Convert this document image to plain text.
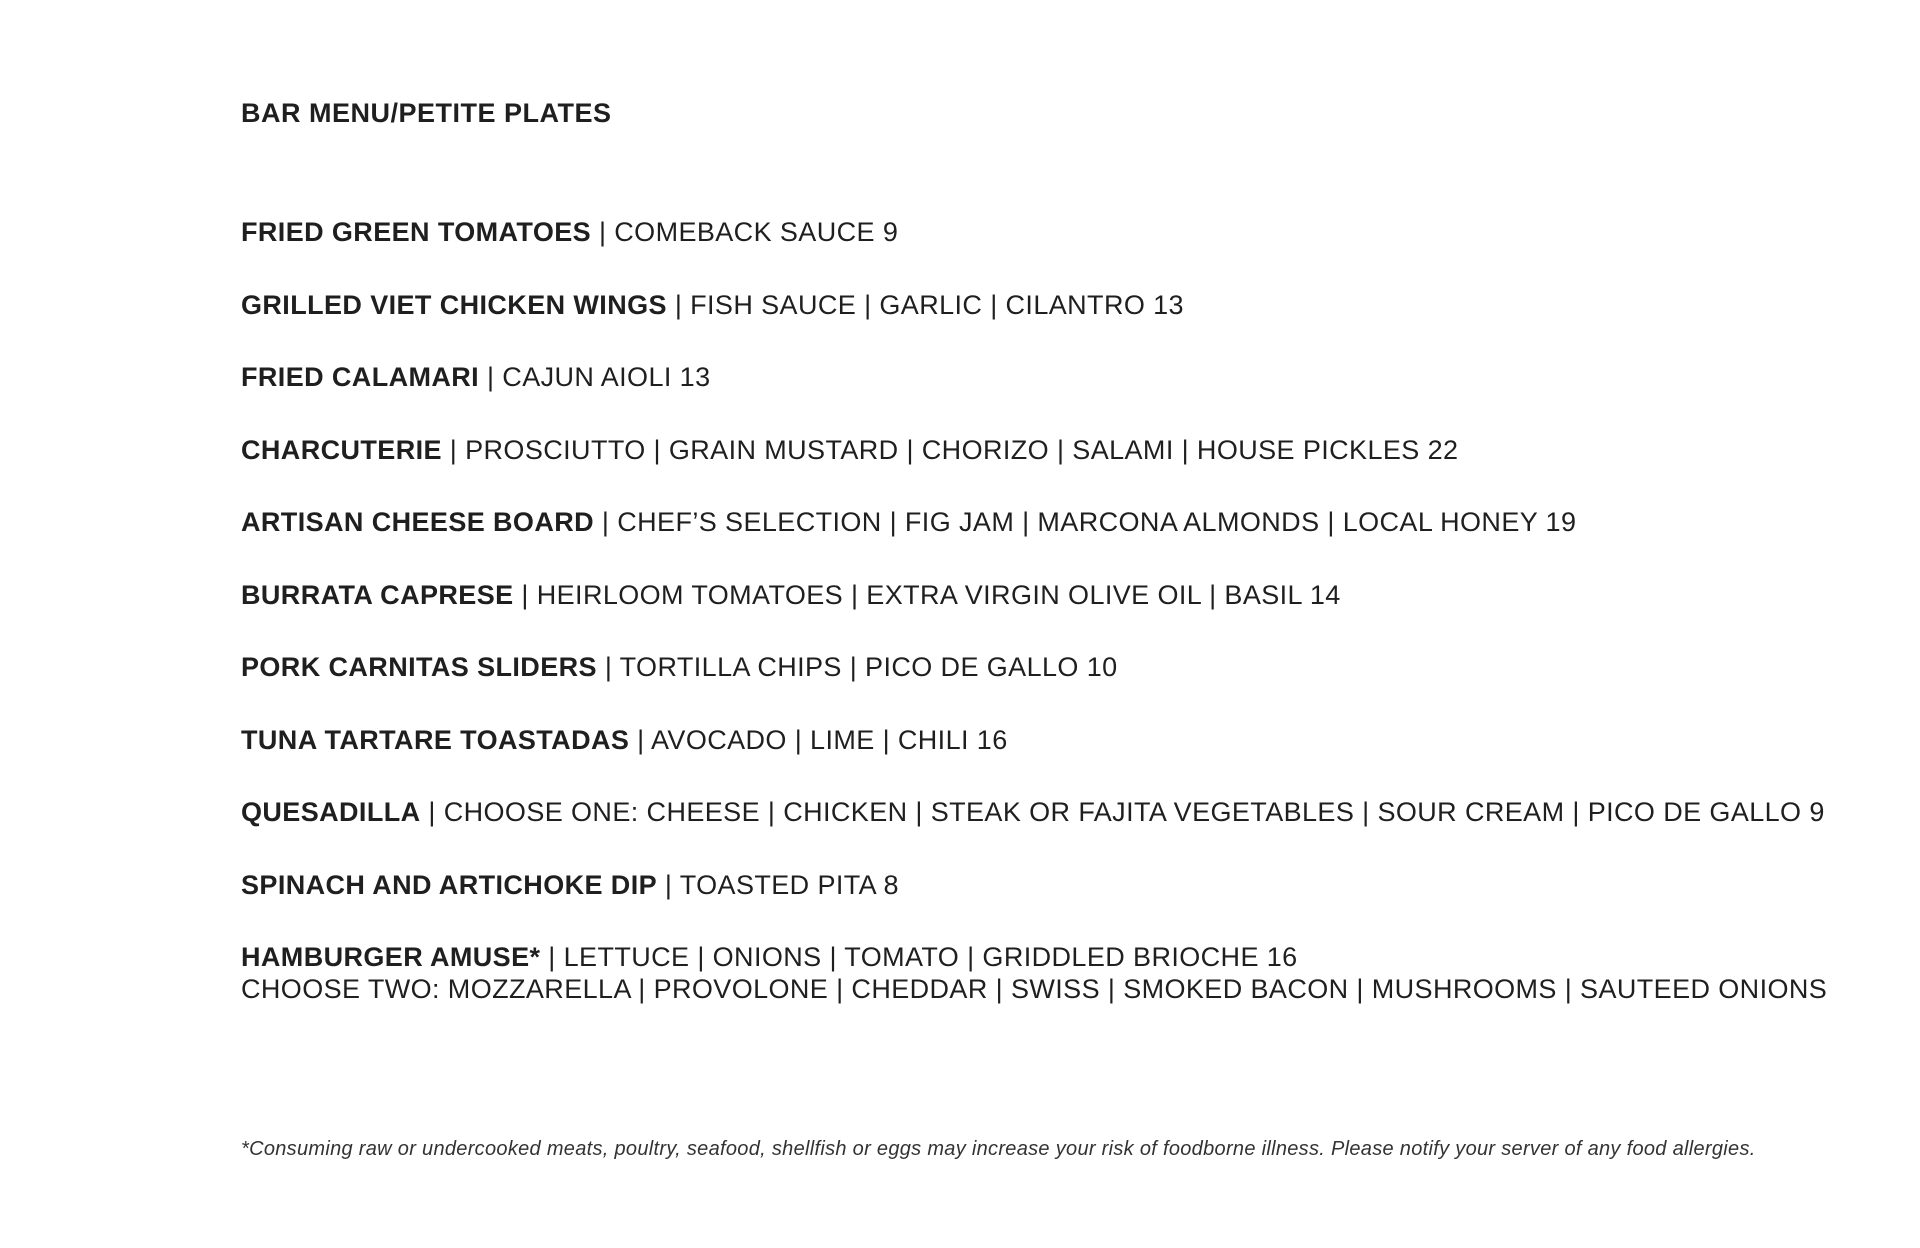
BAR MENU/PETITE PLATES
FRIED GREEN TOMATOES | COMEBACK SAUCE 9
GRILLED VIET CHICKEN WINGS | FISH SAUCE | GARLIC | CILANTRO 13
FRIED CALAMARI | CAJUN AIOLI 13
CHARCUTERIE | PROSCIUTTO | GRAIN MUSTARD | CHORIZO | SALAMI | HOUSE PICKLES 22
ARTISAN CHEESE BOARD | CHEF’S SELECTION | FIG JAM | MARCONA ALMONDS | LOCAL HONEY 19
BURRATA CAPRESE | HEIRLOOM TOMATOES | EXTRA VIRGIN OLIVE OIL | BASIL 14
PORK CARNITAS SLIDERS | TORTILLA CHIPS | PICO DE GALLO 10
TUNA TARTARE TOASTADAS | AVOCADO | LIME | CHILI 16
QUESADILLA | CHOOSE ONE: CHEESE | CHICKEN | STEAK OR FAJITA VEGETABLES | SOUR CREAM | PICO DE GALLO 9
SPINACH AND ARTICHOKE DIP | TOASTED PITA 8
HAMBURGER AMUSE* | LETTUCE | ONIONS | TOMATO | GRIDDLED BRIOCHE 16
CHOOSE TWO: MOZZARELLA | PROVOLONE | CHEDDAR | SWISS | SMOKED BACON | MUSHROOMS | SAUTEED ONIONS

*Consuming raw or undercooked meats, poultry, seafood, shellfish or eggs may increase your risk of foodborne illness. Please notify your server of any food allergies.
